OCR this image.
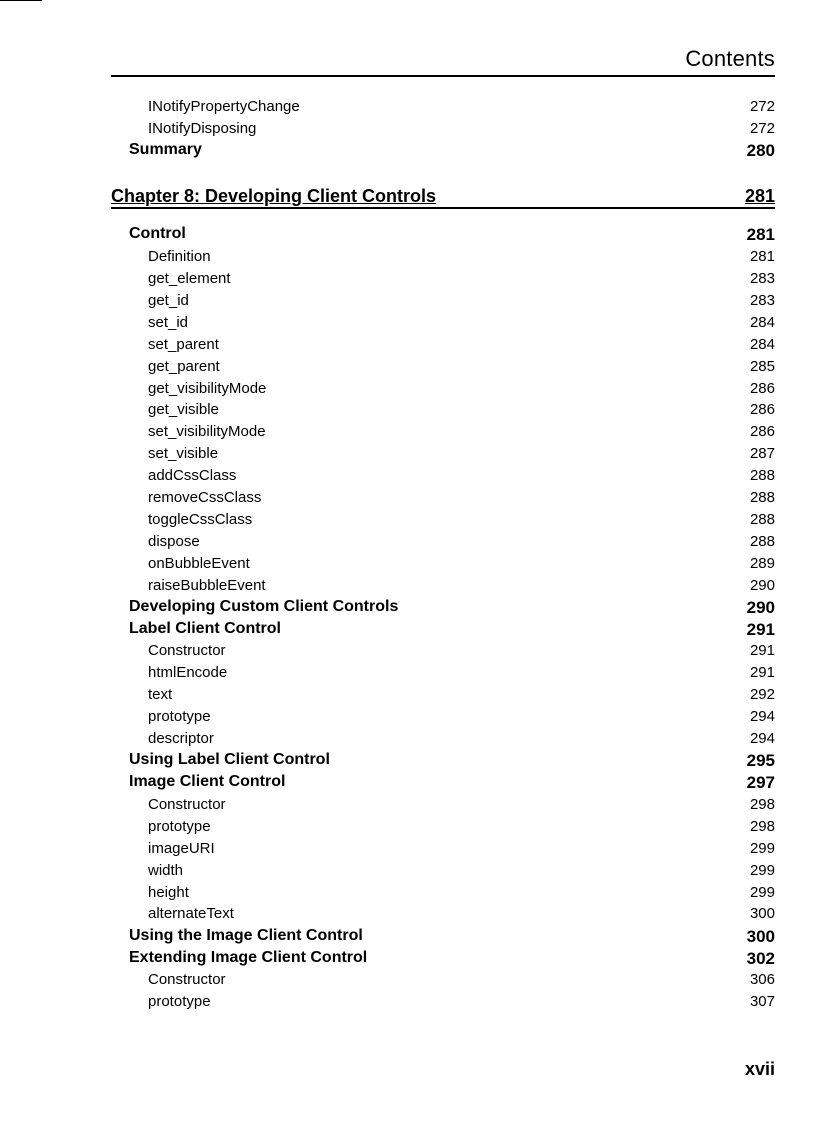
Contents
INotifyPropertyChange	272
INotifyDisposing	272
Summary	280
Chapter 8: Developing Client Controls	281
Control	281
Definition	281
get_element	283
get_id	283
set_id	284
set_parent	284
get_parent	285
get_visibilityMode	286
get_visible	286
set_visibilityMode	286
set_visible	287
addCssClass	288
removeCssClass	288
toggleCssClass	288
dispose	288
onBubbleEvent	289
raiseBubbleEvent	290
Developing Custom Client Controls	290
Label Client Control	291
Constructor	291
htmlEncode	291
text	292
prototype	294
descriptor	294
Using Label Client Control	295
Image Client Control	297
Constructor	298
prototype	298
imageURI	299
width	299
height	299
alternateText	300
Using the Image Client Control	300
Extending Image Client Control	302
Constructor	306
prototype	307
xvii
